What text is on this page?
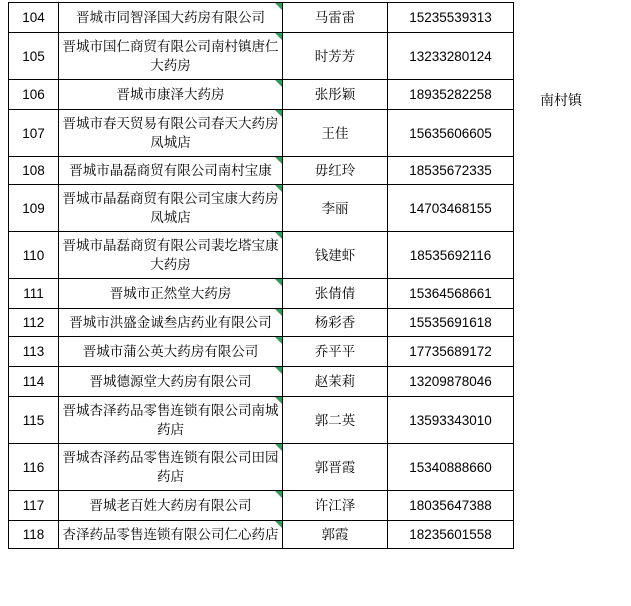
104	晋城市同智泽国大药房有限公司	马雷雷	15235539313

105	晋城市国仁商贸有限公司南村镇唐仁大药房	时芳芳	13233280124

106	晋城市康泽大药房	张彤颖	18935282258

107	晋城市春天贸易有限公司春天大药房凤城店	王佳	15635606605

108	晋城市晶磊商贸有限公司南村宝康	毋红玲	18535672335

109	晋城市晶磊商贸有限公司宝康大药房凤城店	李丽	14703468155

110	晋城市晶磊商贸有限公司裴圪塔宝康大药房	钱建虾	18535692116

111	晋城市正然堂大药房	张倩倩	15364568661

112	晋城市洪盛金诚叁店药业有限公司	杨彩香	15535691618

113	晋城市蒲公英大药房有限公司	乔平平	17735689172

114	晋城德源堂大药房有限公司	赵茉莉	13209878046

115	晋城杏泽药品零售连锁有限公司南城药店	郭二英	13593343010

116	晋城杏泽药品零售连锁有限公司田园药店	郭晋霞	15340888660

117	晋城老百姓大药房有限公司	许江泽	18035647388

118	杏泽药品零售连锁有限公司仁心药店	郭霞	18235601558
南村镇
